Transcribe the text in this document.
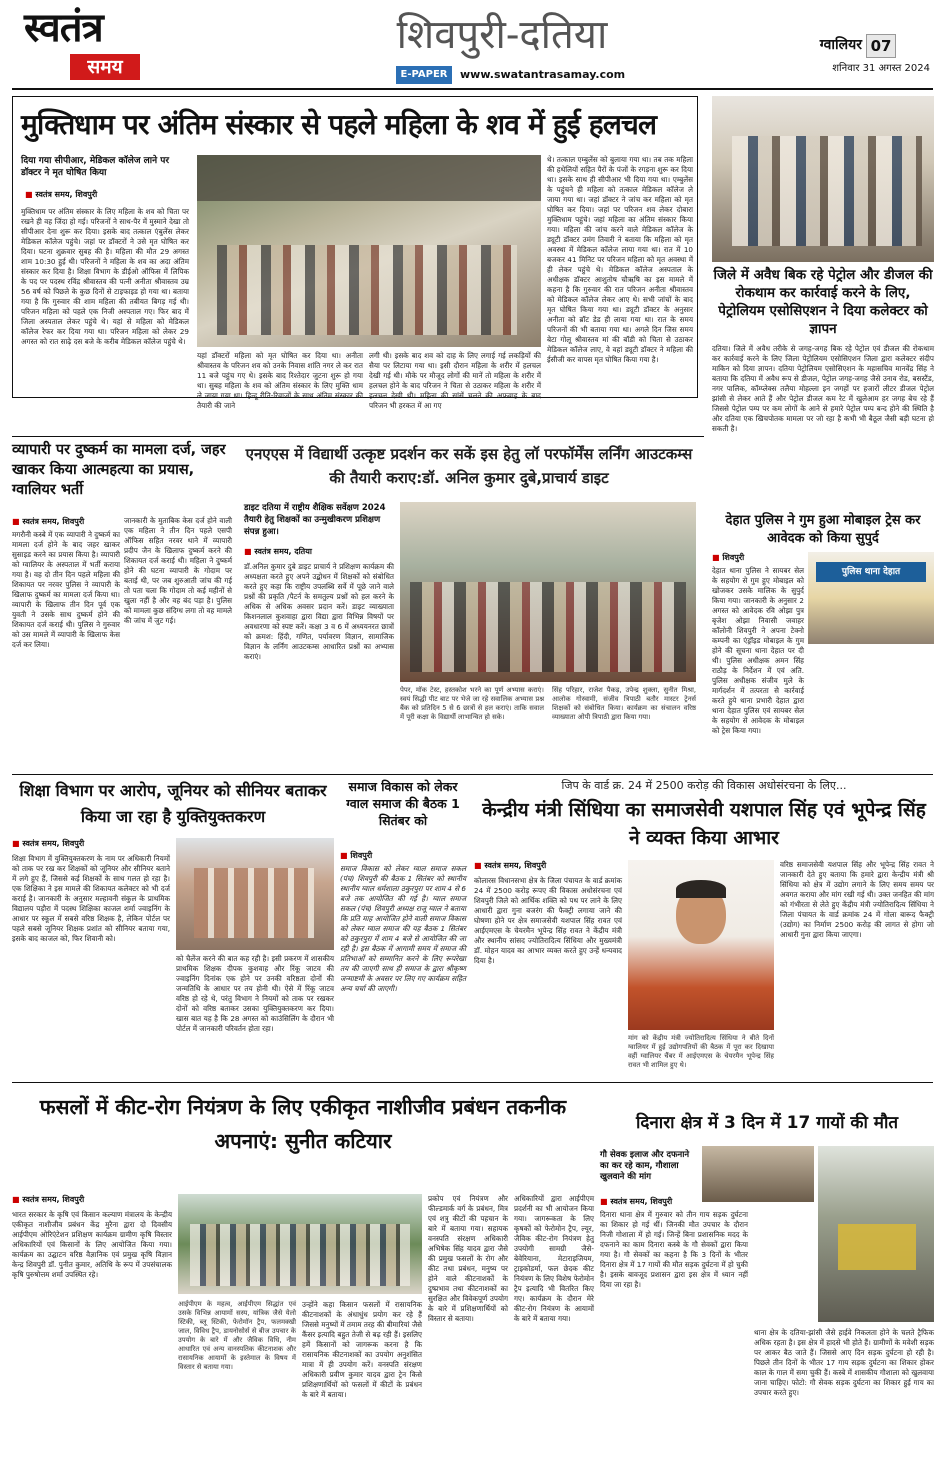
स्वतंत्र
समय
शिवपुरी-दतिया
E-PAPER	www.swatantrasamay.com
ग्वालियर 07
शनिवार 31 अगस्त 2024
मुक्तिधाम पर अंतिम संस्कार से पहले महिला के शव में हुई हलचल
दिया गया सीपीआर, मेडिकल कॉलेज लाने पर डॉक्टर ने मृत घोषित किया
■ स्वतंत्र समय, शिवपुरी
मुक्तिधाम पर अंतिम संस्कार के लिए महिला के शव को चिता पर रखने ही वह जिंदा हो गई। परिजनों ने साथ-पैर में मुस्माने देखा तो सीपीआर देना शुरू कर दिया। इसके बाद तत्काल एंबुलेंस लेकर मेडिकल कॉलेज पहुंचे। जहां पर डॉक्टरों ने उसे मृत घोषित कर दिया। घटना शुक्रवार सुबह की है। महिला की मौत 29 अगस्त शाम 10:30 हुई थी। परिजनों ने महिला के शव का अदा अंतिम संस्कार कर दिया है। शिक्षा विभाग के डीईओ ऑफिस में लिपिक के पद पर पदस्थ रविंद्र श्रीवास्तव की पत्नी अनीता श्रीवास्तव उम्र 56 वर्ष को पिछले के कुछ दिनों से टाइफाइड हो गया था। बताया गया है कि गुरुवार की शाम महिला की तबीयत बिगड़ गई थी। परिजन महिला को पहले एक निजी अस्पताल गए। फिर बाद में जिला अस्पताल लेकर पहुंचे थे। यहां से महिला को मेडिकल कॉलेज रेफर कर दिया गया था। परिजन महिला को लेकर 29 अगस्त को रात साढ़े दस बजे के करीब मेडिकल कॉलेज पहुंचे थे।
यहां डॉक्टरों महिला को मृत घोषित कर दिया था। अनीता श्रीवास्तव के परिजन शव को उनके निवास शांति नगर ले कर रात 11 बजे पहुंच गए थे। इसके बाद रिश्तेदार जुटना शुरू हो गया था। सुबह महिला के शव को अंतिम संस्कार के लिए मुक्ति धाम ले जाया गया था। हिन्दू रीति-रिवाजों के साथ अंतिम संस्कार की तैयारी की जाने
लगी थी। इसके बाद शव को दाह के लिए लगाई गई लकड़ियों की सैया पर लिटाया गया था। इसी दौरान महिला के शरीर में हलचल देखी गई थी। मौके पर मौजूद लोगों की मानें तो महिला के शरीर में हलचल होने के बाद परिजन ने चिता से उठाकर महिला के शरीर में हलचल देखी थी। महिला की सांसें चलने की अफवाह के बाद परिजन भी हरकत में आ गए
थे। तत्काल एम्बुलेंस को बुलाया गया था। तब तक महिला की हथेलियों सहित पैरों के पंजों के रगड़ना शुरू कर दिया था। इसके साथ ही सीपीआर भी दिया गया था। एम्बुलेंस के पहुंचने ही महिला को तत्काल मेडिकल कॉलेज ले जाया गया था। जहां डॉक्टर ने जांच कर महिला को मृत घोषित कर दिया। जहां पर परिजन शव लेकर दोबारा मुक्तिधाम पहुंचे। जहां महिला का अंतिम संस्कार किया गया। महिला की जांच करने वाले मेडिकल कॉलेज के ड्यूटी डॉक्टर उमंग तिवारी ने बताया कि महिला को मृत अवस्था में मेडिकल कॉलेज लाया गया था। रात में 10 बजकर 41 मिनिट पर परिजन महिला को मृत अवस्था में ही लेकर पहुंचे थे। मेडिकल कॉलेज अस्पताल के अधीक्षक डॉक्टर आशुतोष चौऋषि का इस मामले में कहना है कि गुरुवार की रात परिजन अनीता श्रीवास्तव को मेडिकल कॉलेज लेकर आए थे। सभी जांचों के बाद मृत घोषित किया गया था। ड्यूटी डॉक्टर के अनुसार अनीता को ब्रॉट डेड ही लाया गया था। रात के समय परिजनों की भी बताया गया था। अगले दिन जिस समय बेटा गोलू श्रीवास्तव मां की बॉडी को चिता से उठाकर मेडिकल कॉलेज लाए, वे वहां ड्यूटी डॉक्टर ने महिला की ईसीजी कर वापस मृत घोषित किया गया है।
जिले में अवैध बिक रहे पेट्रोल और डीजल की रोकथाम कर कार्रवाई करने के लिए, पेट्रोलियम एसोसिएशन ने दिया कलेक्टर को ज्ञापन
दतिया। जिले में अवैध तरीके से जगह-जगह बिक रहे पेट्रोल एवं डीजल की रोकथाम कर कार्रवाई करने के लिए जिला पेट्रोलियम एसोसिएशन जिला द्वारा कलेक्टर संदीप माकिन को दिया ज्ञापन। दतिया पेट्रोलियम एसोसिएशन के महासचिव मानवेंद्र सिंह ने बताया कि दतिया में अवैध रूप से डीजल, पेट्रोल जगह-जगह जैसे उनाव रोड, बसस्टैंड, नगर पालिक, कॉम्प्लेक्स तलैया मोहल्ला इन जगहों पर हजारों लीटर डीजल पेट्रोल झांसी से लेकर आते हैं और पेट्रोल डीजल कम रेट में खुलेआम हर जगह बेच रहे हैं जिससे पेट्रोल पम्प पर कम लोगों के आने से हमारे पेट्रोल पम्प बन्द होने की स्थिति है और दतिया एक खिचपोतक मामला पर जो रहा है कभी भी बैठूल जैसी बड़ी घटना हो सकती है।
व्यापारी पर दुष्कर्म का मामला दर्ज, जहर खाकर किया आत्महत्या का प्रयास, ग्वालियर भर्ती
■ स्वतंत्र समय, शिवपुरी
मगरौनी कस्बे में एक व्यापारी ने दुष्कर्म का मामला दर्ज होने के बाद जहर खाकर सुसाइड करने का प्रयास किया है। व्यापारी को ग्वालियर के अस्पताल में भर्ती कराया गया है। वह दो तीन दिन पहले महिला की शिकायत पर नरवर पुलिस ने व्यापारी के खिलाफ दुष्कर्म का मामला दर्ज किया था। व्यापारी के खिलाफ तीन दिन पूर्व एक युवती ने उसके साथ दुष्कर्म होने की शिकायत दर्ज कराई थी। पुलिस ने गुरुवार को उस मामले में व्यापारी के खिलाफ केस दर्ज कर लिया।
जानकारी के मुताबिक केस दर्ज होने वाली एक महिला ने तीन दिन पहले एसपी ऑफिस सहित नरवर थाने में व्यापारी प्रदीप जैन के खिलाफ दुष्कर्म करने की शिकायत दर्ज कराई थी। महिला ने दुष्कर्म होने की घटना व्यापारी के गोदाम पर बताई थी, पर जब शुरुआती जांच की गई तो पता चला कि गोदाम तो कई महीनों से खुला नहीं है और वह बंद पड़ा है। पुलिस को मामला कुछ संदिग्ध लगा तो वह मामले की जांच में जुट गई।
एनएएस में विद्यार्थी उत्कृष्ट प्रदर्शन कर सकें इस हेतु लॉ परफॉर्मेंस लर्निंग आउटकम्स की तैयारी कराए:डॉ. अनिल कुमार दुबे,प्राचार्य डाइट
डाइट दतिया में राष्ट्रीय शैक्षिक सर्वेक्षण 2024 तैयारी हेतु शिक्षकों का उन्मुखीकरण प्रशिक्षण संपन्न हुआ।
■ स्वतंत्र समय, दतिया
डॉ.अनिल कुमार दुबे डाइट प्राचार्य ने प्रशिक्षण कार्यक्रम की अध्यक्षता करते हुए अपने उद्बोधन में शिक्षकों को संबोधित करते हुए कहा कि राष्ट्रीय उपलब्धि सर्वे में पूछे जाने वाले प्रश्नों की प्रकृति /पैटर्न के समतुल्य प्रश्नों को हल करने के अधिक से अधिक अवसर प्रदान करें। डाइट व्याख्याता किशनलाल कुशवाहा द्वारा विद्या द्वारा विभिन्न विषयों पर अवधारणा को स्पष्ट करें। कक्षा 3 व 6 में अध्ययनरत छात्रों को क्रमश: हिंदी, गणित, पर्यावरण विज्ञान, सामाजिक विज्ञान के लर्निंग आउटकम्स आधारित प्रश्नों का अभ्यास कराएं।
पेपर, मॉक टेस्ट, हस्तकोश भरने का पूर्ण अभ्यास कराएं। स्वयं सिद्धी पीट बाट पर भेजे जा रहे सवालिक अभ्यास प्रश्न बैंक को प्रतिदिन 5 से 6 छात्रों से हल कराएं। ताकि सवाल में पूरी कक्षा के विद्यार्थी लाभान्वित हो सके।
सिंह परिहार, राजेश पैकड़, उपेन्द्र शुक्ला, सुनीत मिश्रा, आलोक गोस्वामी, संजीव त्रिपाठी बतौर मास्टर ट्रेनर्स शिक्षकों को संबोधित किया। कार्यक्रम का संचालन वरिष्ठ व्याख्याता ओपी त्रिपाठी द्वारा किया गया।
देहात पुलिस ने गुम हुआ मोबाइल ट्रेस कर आवेदक को किया सुपुर्द
■ शिवपुरी
पुलिस थाना देहात
देहात थाना पुलिस ने सायबर सेल के सहयोग से गुम हुए मोबाइल को खोजकर उसके मालिक के सुपुर्द किया गया। जानकारी के अनुसार 2 अगस्त को आवेदक रवि ओझा पुत्र बृजेश ओझा निवासी जवाहर कॉलोनी शिवपुरी ने अपना टेक्नो कम्पनी का एंड्रॉइड मोबाइल के गुम होने की सूचना थाना देहात पर दी थी। पुलिस अधीक्षक अमन सिंह राठौड़ के निर्देशन में एवं अति. पुलिस अधीक्षक संजीव मुले के मार्गदर्शन में तत्परता से कार्रवाई करते हुये थाना प्रभारी देहात द्वारा थाना देहात पुलिस एवं सायबर सेल के सहयोग से आवेदक के मोबाइल को ट्रेस किया गया।
शिक्षा विभाग पर आरोप, जूनियर को सीनियर बताकर किया जा रहा है युक्तियुक्तकरण
■ स्वतंत्र समय, शिवपुरी
शिक्षा विभाग में युक्तियुक्तकरण के नाम पर अधिकारी नियमों को ताक पर रख कर शिक्षकों को जूनियर और सीनियर बताने में लगे हुए हैं, जिससे कई शिक्षकों के साथ गलत हो रहा है। एक शिक्षिका ने इस मामले की शिकायत कलेक्टर को भी दर्ज कराई है। जानकारी के अनुसार मल्हावनी संकुल के प्राथमिक विद्यालय पड़ौरा में पदस्थ शिक्षिका काजल शर्मा ज्वाइनिंग के आधार पर स्कूल में सबसे वरिष्ठ शिक्षक है, लेकिन पोर्टल पर पहले सबसे जूनियर शिक्षक प्रशांत को सीनियर बताया गया, इसके बाद काजल को, फिर शिवानी को।
को चैलेंज करने की बात कह रही है। इसी प्रकरण में शासकीय प्राथमिक शिक्षक दीपक कुशवाह और रिंकू जाटव की ज्वाइनिंग दिनांक एक होने पर उनकी वरिष्ठता दोनों की जन्मतिथि के आधार पर तय होनी थी। ऐसे में रिंकू जाटव वरिष्ठ हो रहे थे, परंतु विभाग ने नियमों को ताक पर रखकर दोनों को वरिष्ठ बताकर उसका युक्तियुक्तकरण कर दिया। खास बात यह है कि 28 अगस्त को काउंसिलिंग के दौरान भी पोर्टल में जानकारी परिवर्तन होता रहा।
समाज विकास को लेकर ग्वाल समाज की बैठक 1 सितंबर को
■ शिवपुरी
समाज विकास को लेकर ग्वाल समाज सकल (पंच) शिवपुरी की बैठक 1 सितंबर को स्थानीय स्थानीय ग्वाल धर्मशाला ठकुरपुरा पर शाम 4 से 6 बजे तक आयोजित की गई है। ग्वाल समाज सकल (पंच) शिवपुरी अध्यक्ष राजू ग्वाल ने बताया कि प्रति माह आयोजित होने वाली समाज विकास को लेकर ग्वाल समाज की यह बैठक 1 सितंबर को ठकुरपुरा में शाम 4 बजे से आयोजित की जा रही है। इस बैठक में आगामी समय में समाज की प्रतिभाओं को सम्मानित करने के लिए रूपरेखा तय की जाएगी साथ ही समाज के द्वारा श्रीकृष्ण जन्माष्टमी के अवसर पर लिए गए कार्यक्रम सहित अन्य चर्चा की जाएगी।
जिप के वार्ड क्र. 24 में 2500 करोड़ की विकास अधोसंरचना के लिए...
केन्द्रीय मंत्री सिंधिया का समाजसेवी यशपाल सिंह एवं भूपेन्द्र सिंह ने व्यक्त किया आभार
■ स्वतंत्र समय, शिवपुरी
कोलारस विधानसभा क्षेत्र के जिला पंचायत के वार्ड क्रमांक 24 में 2500 करोड़ रूपए की विकास अधोसंरचना एवं शिवपुरी जिले को आर्थिक शक्ति को पथ पर लाने के लिए आधारी द्वारा गुना बजरंग की फैक्ट्री लगाया जाने की घोषणा होने पर क्षेत्र समाजसेवी यशपाल सिंह रावत एवं आईएमएस के चेयरमैन भूपेन्द्र सिंह रावत ने केंद्रीय मंत्री और स्थानीय सांसद ज्योतिरादित्य सिंधिया और मुख्यमंत्री डॉ. मोहन यादव का आभार व्यक्त करते हुए उन्हें धन्यवाद दिया है।
मांग को केंद्रीय मंत्री ज्योतिरादित्य सिंधिया ने बीते दिनों ग्वालियर में हुई उद्योगपतियों की बैठक में पूरा कर दिखाया वहीं ग्वालियर चैंबर में आईएमएस के चेयरमैन भूपेन्द्र सिंह रावत भी शामिल हुए थे।
वरिष्ठ समाजसेवी यशपाल सिंह और भूपेन्द्र सिंह रावत ने जानकारी देते हुए बताया कि हमारे द्वारा केन्द्रीय मंत्री श्री सिंधिया को क्षेत्र में उद्योग लगाने के लिए समय समय पर अवगत कराया और मांग रखी गई थी। उक्त जनहित की मांग को गंभीरता से लेते हुए केंद्रीय मंत्री ज्योतिरादित्य सिंधिया ने जिला पंचायत के वार्ड क्रमांक 24 में गोला बारूद फैक्ट्री (उद्योग) का निर्माण 2500 करोड़ की लागत से होगा जो आधारी गुना द्वारा किया जाएगा।
फसलों में कीट-रोग नियंत्रण के लिए एकीकृत नाशीजीव प्रबंधन तकनीक अपनाएं: सुनीत कटियार
■ स्वतंत्र समय, शिवपुरी
भारत सरकार के कृषि एवं किसान कल्याण मंत्रालय के केन्द्रीय एकीकृत नाशीजीव प्रबंधन केंद्र मुरैना द्वारा दो दिवसीय आईपीएम ओरिएंटेशन प्रशिक्षण कार्यक्रम ग्रामीण कृषि विस्तार अधिकारियों एवं किसानों के लिए आयोजित किया गया। कार्यक्रम का उद्घाटन वरिष्ठ वैज्ञानिक एवं प्रमुख कृषि विज्ञान केन्द्र शिवपुरी डॉ. पुनीत कुमार, अतिथि के रूप में उपसंचालक कृषि पुरुषोत्तम शर्मा उपस्थित रहे।
आईपीएम के महत्व, आईपीएम सिद्धांत एवं उसके विभिन्न आयामों सस्य, यांत्रिक जैसे येलो स्टिकी, ब्लू स्टिकी, फेरोमॉन ट्रैप, फलमक्खी जाल, विविध ट्रैप, डायनोसोर्स से बीज उपचार के उपयोग के बारे में और जैविक विधि, नीम आधारित एवं अन्य वानस्पतिक कीटनाशक और रासायनिक आयामों के इस्तेमाल के विषय में विस्तार से बताया गया।
उन्होंने कहा किसान फसलों में रासायनिक कीटनाशकों के अंधाधुंध प्रयोग कर रहे हैं जिससे मनुष्यों में तमाम तरह की बीमारियां जैसे कैंसर इत्यादि बहुत तेजी से बढ़ रही हैं। इसलिए हमें किसानों को जागरूक करना है कि रासायनिक कीटनाशकों का उपयोग अनुशंसित मात्रा में ही उपयोग करें। वनस्पति संरक्षण अधिकारी प्रवीण कुमार यादव द्वारा ट्रेन किसे प्रशिक्षणार्थियों को फसलों में कीटों के प्रबंधन के बारे में बताया।
प्रकोप एवं नियंत्रण और फील्डमार्क वर्ग के प्रबंधन, मित्र एवं शत्रु कीटों की पहचान के बारे में बताया गया। सहायक वनस्पति संरक्षण अधिकारी अभिषेक सिंह यादव द्वारा जैसे की प्रमुख फसलों के रोग और कीट तथा प्रबंधन, मनुष्य पर होने वाले कीटनाशकों के दुष्प्रभाव तथा कीटनाशकों का सुरक्षित और विवेकपूर्ण उपयोग के बारे में प्रशिक्षणार्थियों को विस्तार से बताया।
अधिकारियों द्वारा आईपीएम प्रदर्शनी का भी आयोजन किया गया। जागरूकता के लिए कृषकों को फेरोमोन ट्रैप, ल्यूर, जैविक कीट-रोग नियंत्रण हेतु उपयोगी सामग्री जैसे-बेवेरियाना, मेटाराइजियम, ट्राइकोडर्मा, फल छेदक कीट नियंत्रण के लिए विशेष फेरोमोन ट्रैप इत्यादि भी वितरित किए गए। कार्यक्रम के दौरान मेरे कीट-रोग नियंत्रण के आयामों के बारे में बताया गया।
दिनारा क्षेत्र में 3 दिन में 17 गायों की मौत
गौ सेवक इलाज और दफनाने का कर रहे काम, गौशाला खुलवाने की मांग
■ स्वतंत्र समय, शिवपुरी
दिनारा थाना क्षेत्र में गुरुवार को तीन गाय सड़क दुर्घटना का शिकार हो गई थीं। जिनकी मौत उपचार के दौरान निजी गोशाला में हो गई। जिन्हें बिना प्रशासनिक मदद के दफनाने का काम दिनारा कस्बे के गौ सेवकों द्वारा किया गया है। गौ सेवकों का कहना है कि 3 दिनों के भीतर दिनारा क्षेत्र में 17 गायों की मौत सड़क दुर्घटना में हो चुकी है। इसके बावजूद प्रशासन द्वारा इस क्षेत्र में ध्यान नहीं दिया जा रहा है।
थाना क्षेत्र के दतिया-झांसी जैसे हाईवे निकलता होने के चलते ट्रैफिक अधिक रहता है। इस क्षेत्र में हादसे भी होते हैं। ग्रामीणों के मवेशी सड़क पर आकर बैठ जाते हैं। जिससे आए दिन सड़क दुर्घटना हो रही है। पिछले तीन दिनों के भीतर 17 गाय सड़क दुर्घटना का शिकार होकर काल के गाल में समा चुकी हैं। कस्बे में शासकीय गौशाला को खुलवाया जाना चाहिए। फोटो: गौ सेवक सड़क दुर्घटना का शिकार हुई गाय का उपचार करते हुए।
